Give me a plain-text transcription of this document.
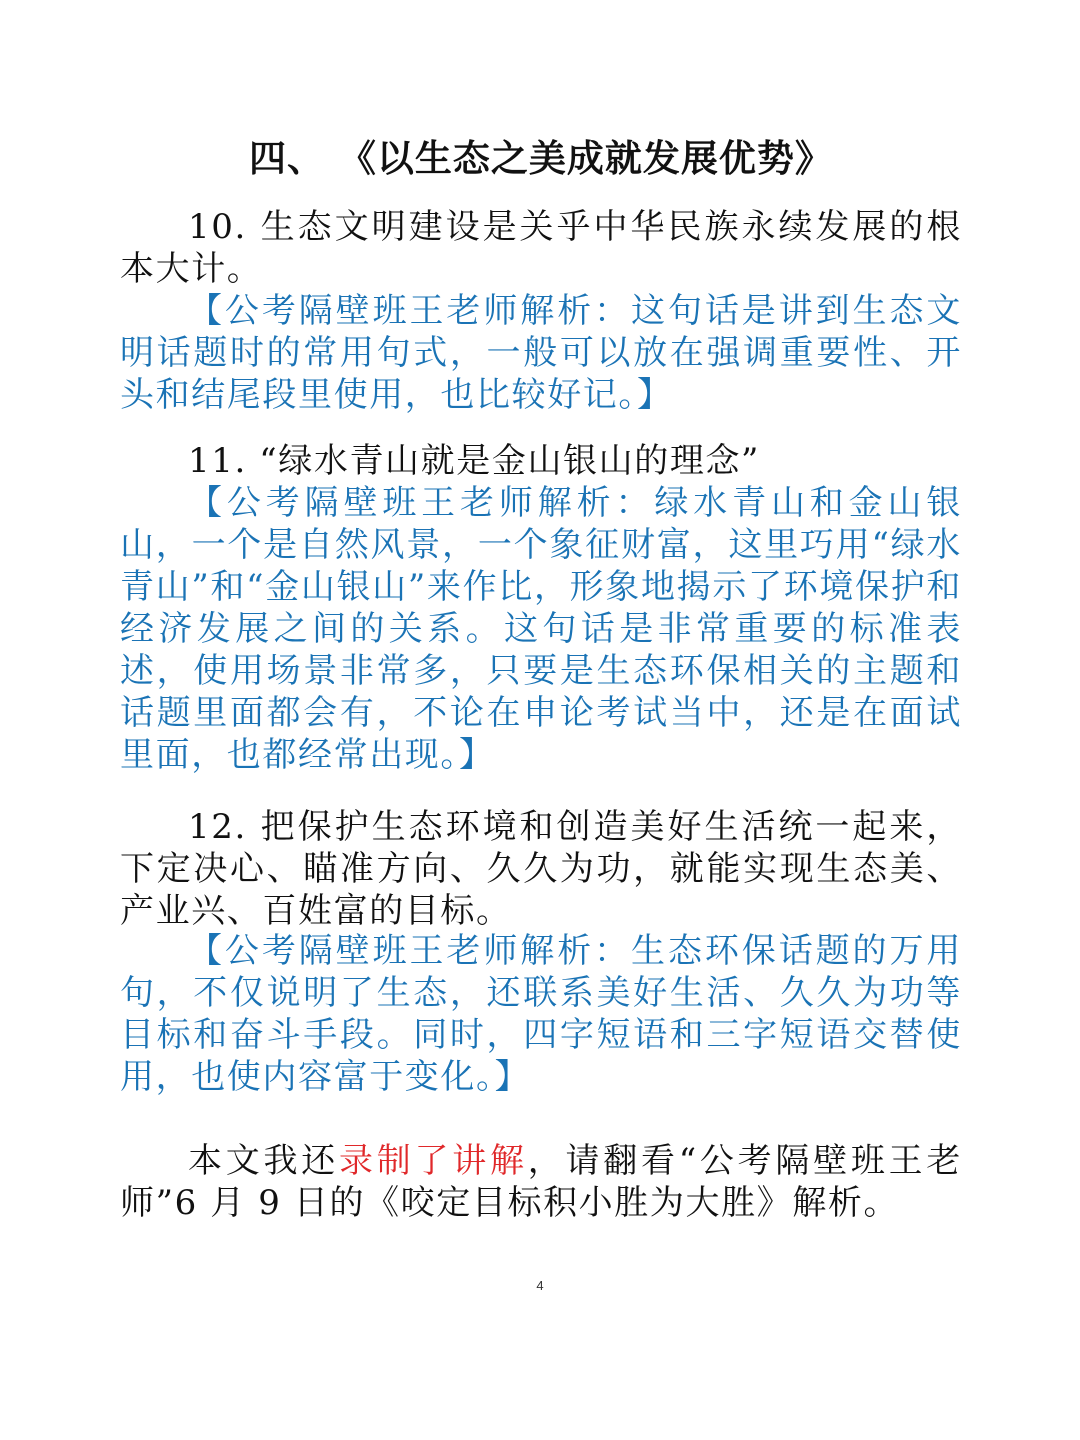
四、 《以生态之美成就发展优势》

10. 生态文明建设是关乎中华民族永续发展的根本大计。

【公考隔壁班王老师解析：这句话是讲到生态文明话题时的常用句式，一般可以放在强调重要性、开头和结尾段里使用，也比较好记。】

11. “绿水青山就是金山银山的理念”

【公考隔壁班王老师解析：绿水青山和金山银山，一个是自然风景，一个象征财富，这里巧用“绿水青山”和“金山银山”来作比，形象地揭示了环境保护和经济发展之间的关系。这句话是非常重要的标准表述，使用场景非常多，只要是生态环保相关的主题和话题里面都会有，不论在申论考试当中，还是在面试里面，也都经常出现。】

12. 把保护生态环境和创造美好生活统一起来，下定决心、瞄准方向、久久为功，就能实现生态美、产业兴、百姓富的目标。

【公考隔壁班王老师解析：生态环保话题的万用句，不仅说明了生态，还联系美好生活、久久为功等目标和奋斗手段。同时，四字短语和三字短语交替使用，也使内容富于变化。】

本文我还录制了讲解，请翻看“公考隔壁班王老师”6 月 9 日的《咬定目标积小胜为大胜》解析。

4
